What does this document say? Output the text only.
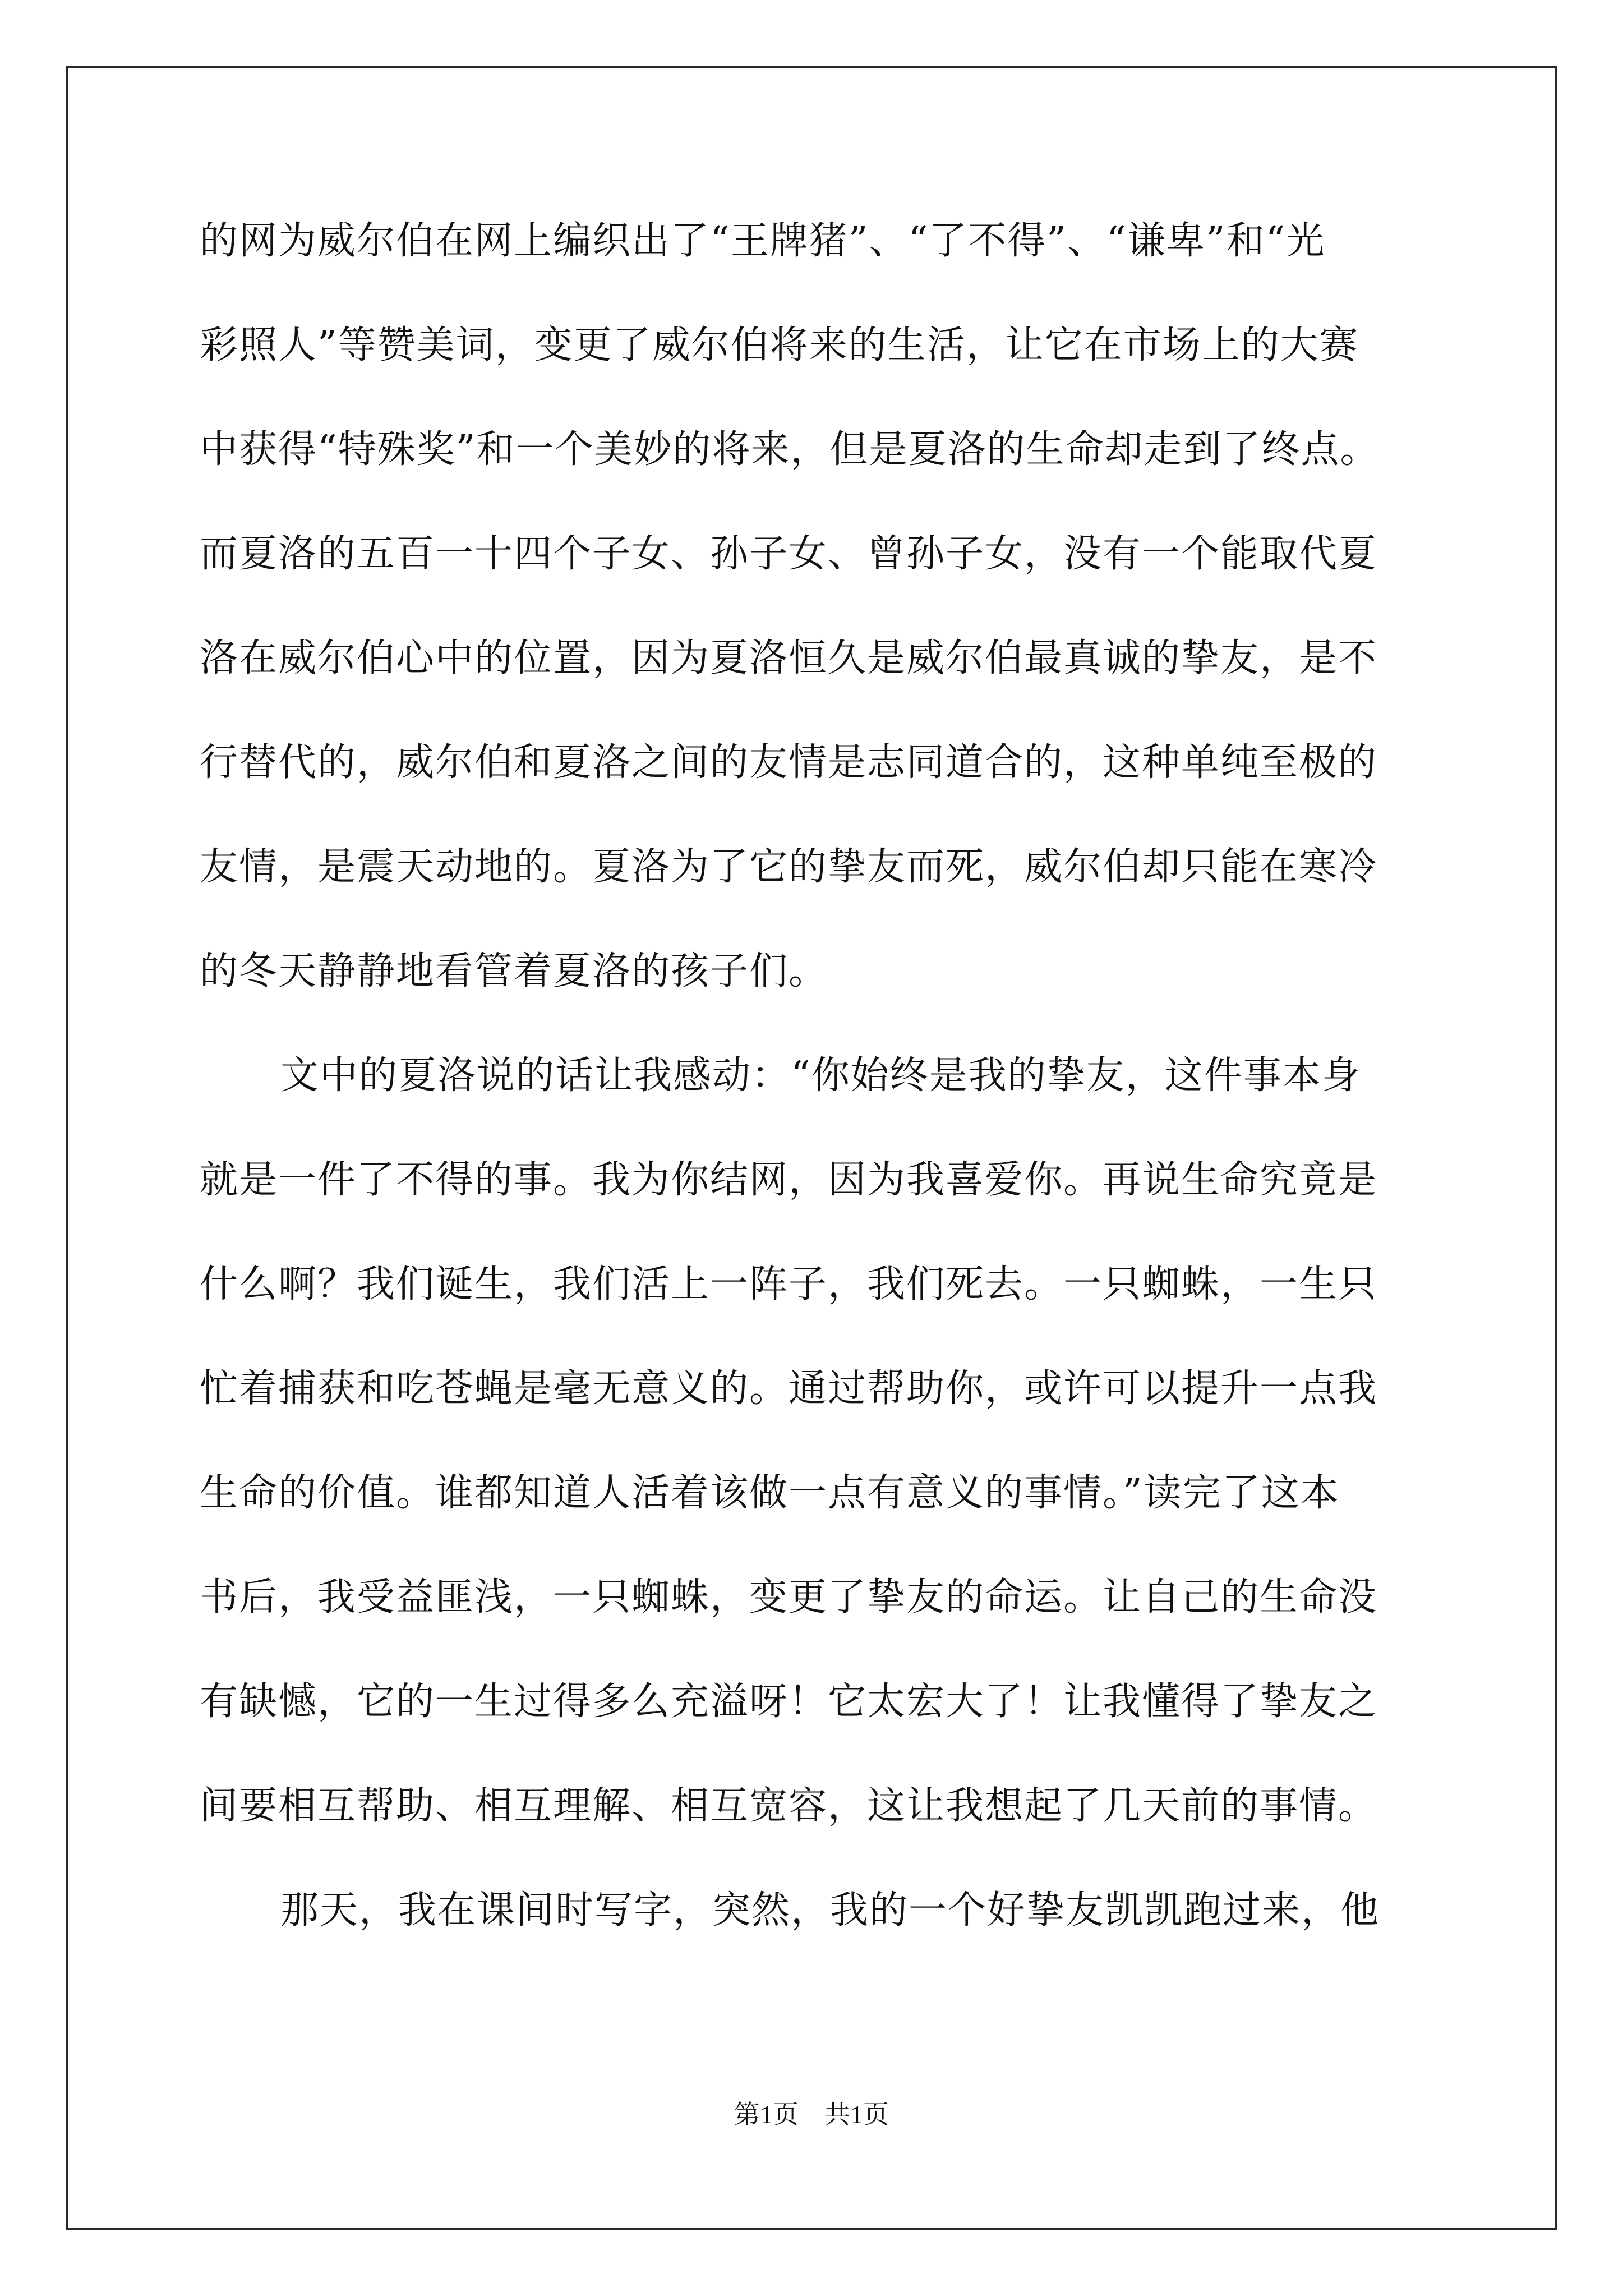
的网为威尔伯在网上编织出了“王牌猪”、“了不得”、“谦卑”和“光
彩照人”等赞美词，变更了威尔伯将来的生活，让它在市场上的大赛
中获得“特殊奖”和一个美妙的将来，但是夏洛的生命却走到了终点。
而夏洛的五百一十四个子女、孙子女、曾孙子女，没有一个能取代夏
洛在威尔伯心中的位置，因为夏洛恒久是威尔伯最真诚的挚友，是不
行替代的，威尔伯和夏洛之间的友情是志同道合的，这种单纯至极的
友情，是震天动地的。夏洛为了它的挚友而死，威尔伯却只能在寒冷
的冬天静静地看管着夏洛的孩子们。
文中的夏洛说的话让我感动：“你始终是我的挚友，这件事本身
就是一件了不得的事。我为你结网，因为我喜爱你。再说生命究竟是
什么啊？我们诞生，我们活上一阵子，我们死去。一只蜘蛛，一生只
忙着捕获和吃苍蝇是毫无意义的。通过帮助你，或许可以提升一点我
生命的价值。谁都知道人活着该做一点有意义的事情。”读完了这本
书后，我受益匪浅，一只蜘蛛，变更了挚友的命运。让自己的生命没
有缺憾，它的一生过得多么充溢呀！它太宏大了！让我懂得了挚友之
间要相互帮助、相互理解、相互宽容，这让我想起了几天前的事情。
那天，我在课间时写字，突然，我的一个好挚友凯凯跑过来，他
第1页 共1页
